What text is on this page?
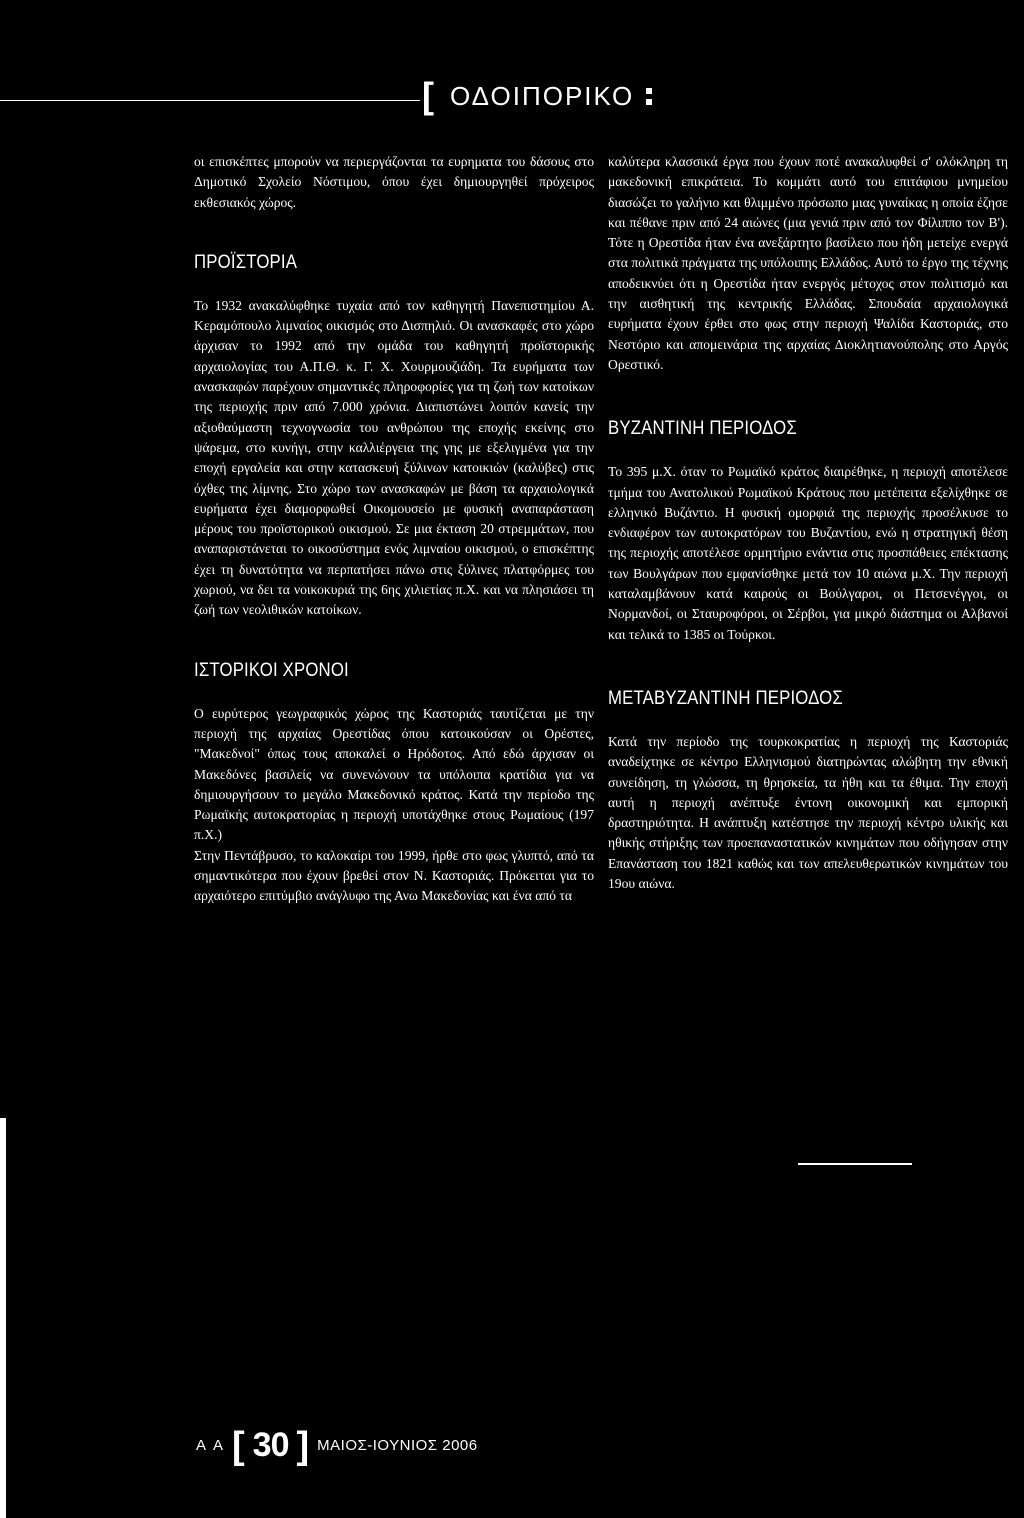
[ ΟΔΟΙΠΟΡΙΚΟ

οι επισκέπτες μπορούν να περιεργάζονται τα ευρηματα του δάσους στο Δημοτικό Σχολείο Νόστιμου, όπου έχει δημιουργηθεί πρόχειρος εκθεσιακός χώρος.

ΠΡΟΪΣΤΟΡΙΑ

Το 1932 ανακαλύφθηκε τυχαία από τον καθηγητή Πανεπιστημίου Α. Κεραμόπουλο λιμναίος οικισμός στο Δισπηλιό. Οι ανασκαφές στο χώρο άρχισαν το 1992 από την ομάδα του καθηγητή προϊστορικής αρχαιολογίας του Α.Π.Θ. κ. Γ. Χ. Χουρμουζιάδη. Τα ευρήματα των ανασκαφών παρέχουν σημαντικές πληροφορίες για τη ζωή των κατοίκων της περιοχής πριν από 7.000 χρόνια. Διαπιστώνει λοιπόν κανείς την αξιοθαύμαστη τεχνογνωσία του ανθρώπου της εποχής εκείνης στο ψάρεμα, στο κυνήγι, στην καλλιέργεια της γης με εξελιγμένα για την εποχή εργαλεία και στην κατασκευή ξύλινων κατοικιών (καλύβες) στις όχθες της λίμνης. Στο χώρο των ανασκαφών με βάση τα αρχαιολογικά ευρήματα έχει διαμορφωθεί Οικομουσείο με φυσική αναπαράσταση μέρους του προϊστορικού οικισμού. Σε μια έκταση 20 στρεμμάτων, που αναπαριστάνεται το οικοσύστημα ενός λιμναίου οικισμού, ο επισκέπτης έχει τη δυνατότητα να περπατήσει πάνω στις ξύλινες πλατφόρμες του χωριού, να δει τα νοικοκυριά της 6ης χιλιετίας π.Χ. και να πλησιάσει τη ζωή των νεολιθικών κατοίκων.

ΙΣΤΟΡΙΚΟΙ ΧΡΟΝΟΙ

Ο ευρύτερος γεωγραφικός χώρος της Καστοριάς ταυτίζεται με την περιοχή της αρχαίας Ορεστίδας όπου κατοικούσαν οι Ορέστες, "Μακεδνοί" όπως τους αποκαλεί ο Ηρόδοτος. Από εδώ άρχισαν οι Μακεδόνες βασιλείς να συνενώνουν τα υπόλοιπα κρατίδια για να δημιουργήσουν το μεγάλο Μακεδονικό κράτος. Κατά την περίοδο της Ρωμαϊκής αυτοκρατορίας η περιοχή υποτάχθηκε στους Ρωμαίους (197 π.Χ.)

Στην Πεντάβρυσο, το καλοκαίρι του 1999, ήρθε στο φως γλυπτό, από τα σημαντικότερα που έχουν βρεθεί στον Ν. Καστοριάς. Πρόκειται για το αρχαιότερο επιτύμβιο ανάγλυφο της Ανω Μακεδονίας και ένα από τα

καλύτερα κλασσικά έργα που έχουν ποτέ ανακαλυφθεί σ' ολόκληρη τη μακεδονική επικράτεια. Το κομμάτι αυτό του επιτάφιου μνημείου διασώζει το γαλήνιο και θλιμμένο πρόσωπο μιας γυναίκας η οποία έζησε και πέθανε πριν από 24 αιώνες (μια γενιά πριν από τον Φίλιππο τον Β'). Τότε η Ορεστίδα ήταν ένα ανεξάρτητο βασίλειο που ήδη μετείχε ενεργά στα πολιτικά πράγματα της υπόλοιπης Ελλάδος. Αυτό το έργο της τέχνης αποδεικνύει ότι η Ορεστίδα ήταν ενεργός μέτοχος στον πολιτισμό και την αισθητική της κεντρικής Ελλάδας. Σπουδαία αρχαιολογικά ευρήματα έχουν έρθει στο φως στην περιοχή Ψαλίδα Καστοριάς, στο Νεστόριο και απομεινάρια της αρχαίας Διοκλητιανούπολης στο Αργός Ορεστικό.

ΒΥΖΑΝΤΙΝΗ ΠΕΡΙΟΔΟΣ

Το 395 μ.Χ. όταν το Ρωμαϊκό κράτος διαιρέθηκε, η περιοχή αποτέλεσε τμήμα του Ανατολικού Ρωμαϊκού Κράτους που μετέπειτα εξελίχθηκε σε ελληνικό Βυζάντιο. Η φυσική ομορφιά της περιοχής προσέλκυσε το ενδιαφέρον των αυτοκρατόρων του Βυζαντίου, ενώ η στρατηγική θέση της περιοχής αποτέλεσε ορμητήριο ενάντια στις προσπάθειες επέκτασης των Βουλγάρων που εμφανίσθηκε μετά τον 10 αιώνα μ.Χ. Την περιοχή καταλαμβάνουν κατά καιρούς οι Βούλγαροι, οι Πετσενέγγοι, οι Νορμανδοί, οι Σταυροφόροι, οι Σέρβοι, για μικρό διάστημα οι Αλβανοί και τελικά το 1385 οι Τούρκοι.

ΜΕΤΑΒΥΖΑΝΤΙΝΗ ΠΕΡΙΟΔΟΣ

Κατά την περίοδο της τουρκοκρατίας η περιοχή της Καστοριάς αναδείχτηκε σε κέντρο Ελληνισμού διατηρώντας αλώβητη την εθνική συνείδηση, τη γλώσσα, τη θρησκεία, τα ήθη και τα έθιμα. Την εποχή αυτή η περιοχή ανέπτυξε έντονη οικονομική και εμπορική δραστηριότητα. Η ανάπτυξη κατέστησε την περιοχή κέντρο υλικής και ηθικής στήριξης των προεπαναστατικών κινημάτων που οδήγησαν στην Επανάσταση του 1821 καθώς και των απελευθερωτικών κινημάτων του 19ου αιώνα.

ΑΑ [ 30 ] ΜΑΙΟΣ-ΙΟΥΝΙΟΣ 2006
